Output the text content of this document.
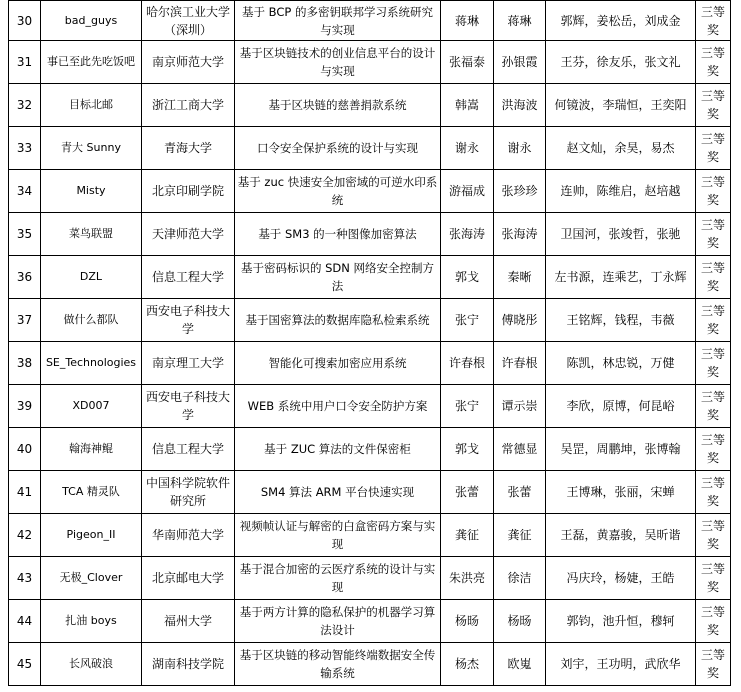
30	bad_guys	哈尔滨工业大学（深圳）	基于 BCP 的多密钥联邦学习系统研究与实现	蒋琳	蒋琳	郭辉，姜松岳，刘成金	三等奖
31	事已至此先吃饭吧	南京师范大学	基于区块链技术的创业信息平台的设计与实现	张福泰	孙银霞	王芬，徐友乐，张文礼	三等奖
32	目标北邮	浙江工商大学	基于区块链的慈善捐款系统	韩嵩	洪海波	何镜波，李瑞恒，王奕阳	三等奖
33	青大 Sunny	青海大学	口令安全保护系统的设计与实现	谢永	谢永	赵文灿，余昊，易杰	三等奖
34	Misty	北京印刷学院	基于 zuc 快速安全加密域的可逆水印系统	游福成	张珍珍	连帅，陈维启，赵培越	三等奖
35	菜鸟联盟	天津师范大学	基于 SM3 的一种图像加密算法	张海涛	张海涛	卫国河，张竣哲，张驰	三等奖
36	DZL	信息工程大学	基于密码标识的 SDN 网络安全控制方法	郭戈	秦晰	左书源，连乘艺，丁永辉	三等奖
37	做什么都队	西安电子科技大学	基于国密算法的数据库隐私检索系统	张宁	傅晓彤	王铭辉，钱程，韦薇	三等奖
38	SE_Technologies	南京理工大学	智能化可搜索加密应用系统	许春根	许春根	陈凯，林忠锐，万健	三等奖
39	XD007	西安电子科技大学	WEB 系统中用户口令安全防护方案	张宁	谭示崇	李欣，原博，何昆峪	三等奖
40	翰海神鲲	信息工程大学	基于 ZUC 算法的文件保密柜	郭戈	常德显	吴罡，周鹏坤，张博翰	三等奖
41	TCA 精灵队	中国科学院软件研究所	SM4 算法 ARM 平台快速实现	张蕾	张蕾	王博琳，张丽，宋蝉	三等奖
42	Pigeon_II	华南师范大学	视频帧认证与解密的白盒密码方案与实现	龚征	龚征	王磊，黄嘉骏，吴昕谐	三等奖
43	无极_Clover	北京邮电大学	基于混合加密的云医疗系统的设计与实现	朱洪亮	徐洁	冯庆玲，杨婕，王皓	三等奖
44	扎油 boys	福州大学	基于两方计算的隐私保护的机器学习算法设计	杨旸	杨旸	郭钧，池升恒，穆轲	三等奖
45	长风破浪	湖南科技学院	基于区块链的移动智能终端数据安全传输系统	杨杰	欧嵬	刘宇，王功明，武欣华	三等奖
